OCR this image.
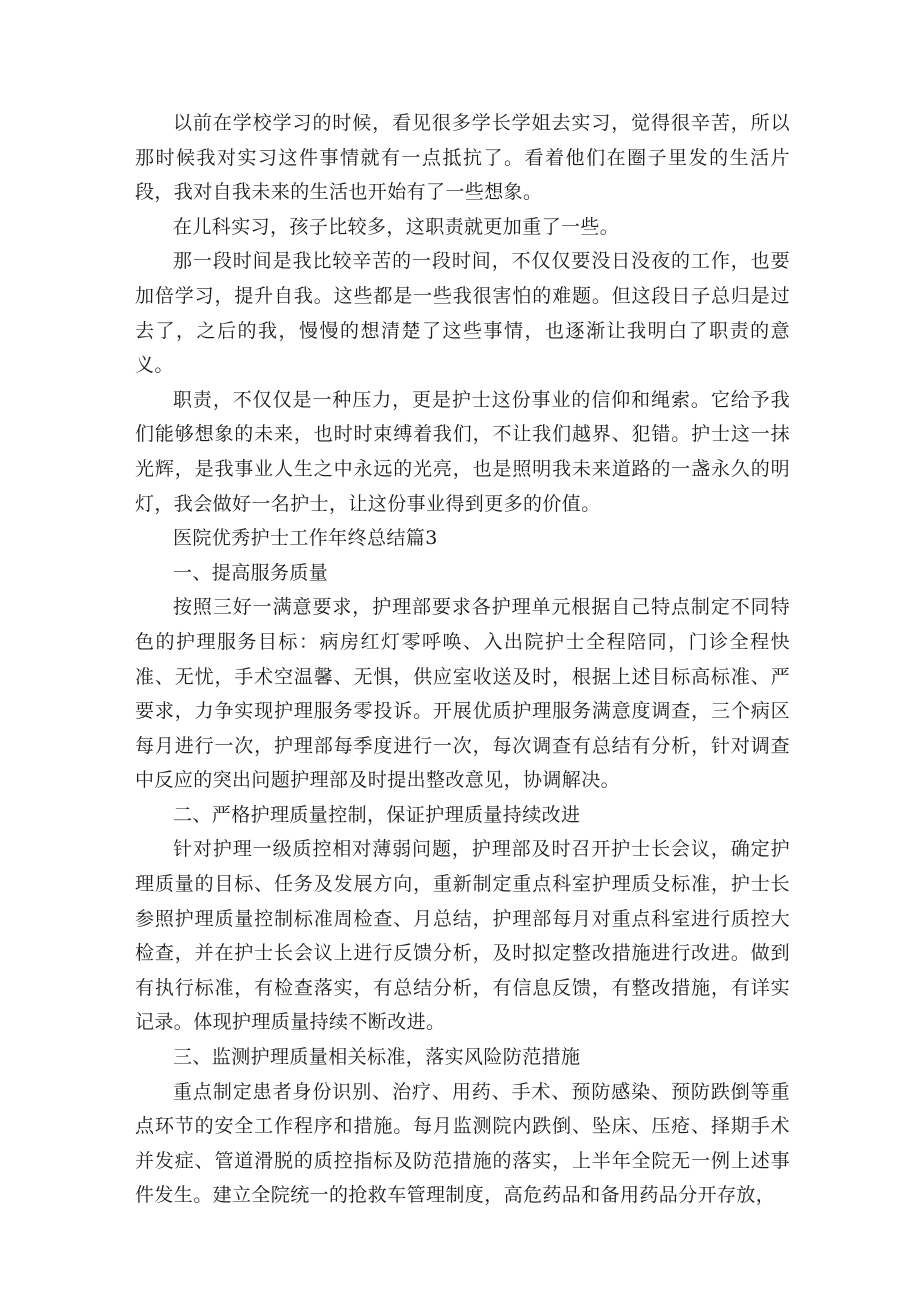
以前在学校学习的时候，看见很多学长学姐去实习，觉得很辛苦，所以那时候我对实习这件事情就有一点抵抗了。看着他们在圈子里发的生活片段，我对自我未来的生活也开始有了一些想象。

在儿科实习，孩子比较多，这职责就更加重了一些。

那一段时间是我比较辛苦的一段时间，不仅仅要没日没夜的工作，也要加倍学习，提升自我。这些都是一些我很害怕的难题。但这段日子总归是过去了，之后的我，慢慢的想清楚了这些事情，也逐渐让我明白了职责的意义。

职责，不仅仅是一种压力，更是护士这份事业的信仰和绳索。它给予我们能够想象的未来，也时时束缚着我们，不让我们越界、犯错。护士这一抹光辉，是我事业人生之中永远的光亮，也是照明我未来道路的一盏永久的明灯，我会做好一名护士，让这份事业得到更多的价值。

医院优秀护士工作年终总结篇3

一、提高服务质量

按照三好一满意要求，护理部要求各护理单元根据自己特点制定不同特色的护理服务目标：病房红灯零呼唤、入出院护士全程陪同，门诊全程快准、无忧，手术空温馨、无惧，供应室收送及时，根据上述目标高标准、严要求，力争实现护理服务零投诉。开展优质护理服务满意度调查，三个病区每月进行一次，护理部每季度进行一次，每次调查有总结有分析，针对调查中反应的突出问题护理部及时提出整改意见，协调解决。

二、严格护理质量控制，保证护理质量持续改进

针对护理一级质控相对薄弱问题，护理部及时召开护士长会议，确定护理质量的目标、任务及发展方向，重新制定重点科室护理质殳标准，护士长参照护理质量控制标准周检查、月总结，护理部每月对重点科室进行质控大检查，并在护士长会议上进行反馈分析，及时拟定整改措施进行改进。做到有执行标准，有检查落实，有总结分析，有信息反馈，有整改措施，有详实记录。体现护理质量持续不断改进。

三、监测护理质量相关标准，落实风险防范措施

重点制定患者身份识别、治疗、用药、手术、预防感染、预防跌倒等重点环节的安全工作程序和措施。每月监测院内跌倒、坠床、压疮、择期手术并发症、管道滑脱的质控指标及防范措施的落实，上半年全院无一例上述事件发生。建立全院统一的抢救车管理制度，高危药品和备用药品分开存放，
